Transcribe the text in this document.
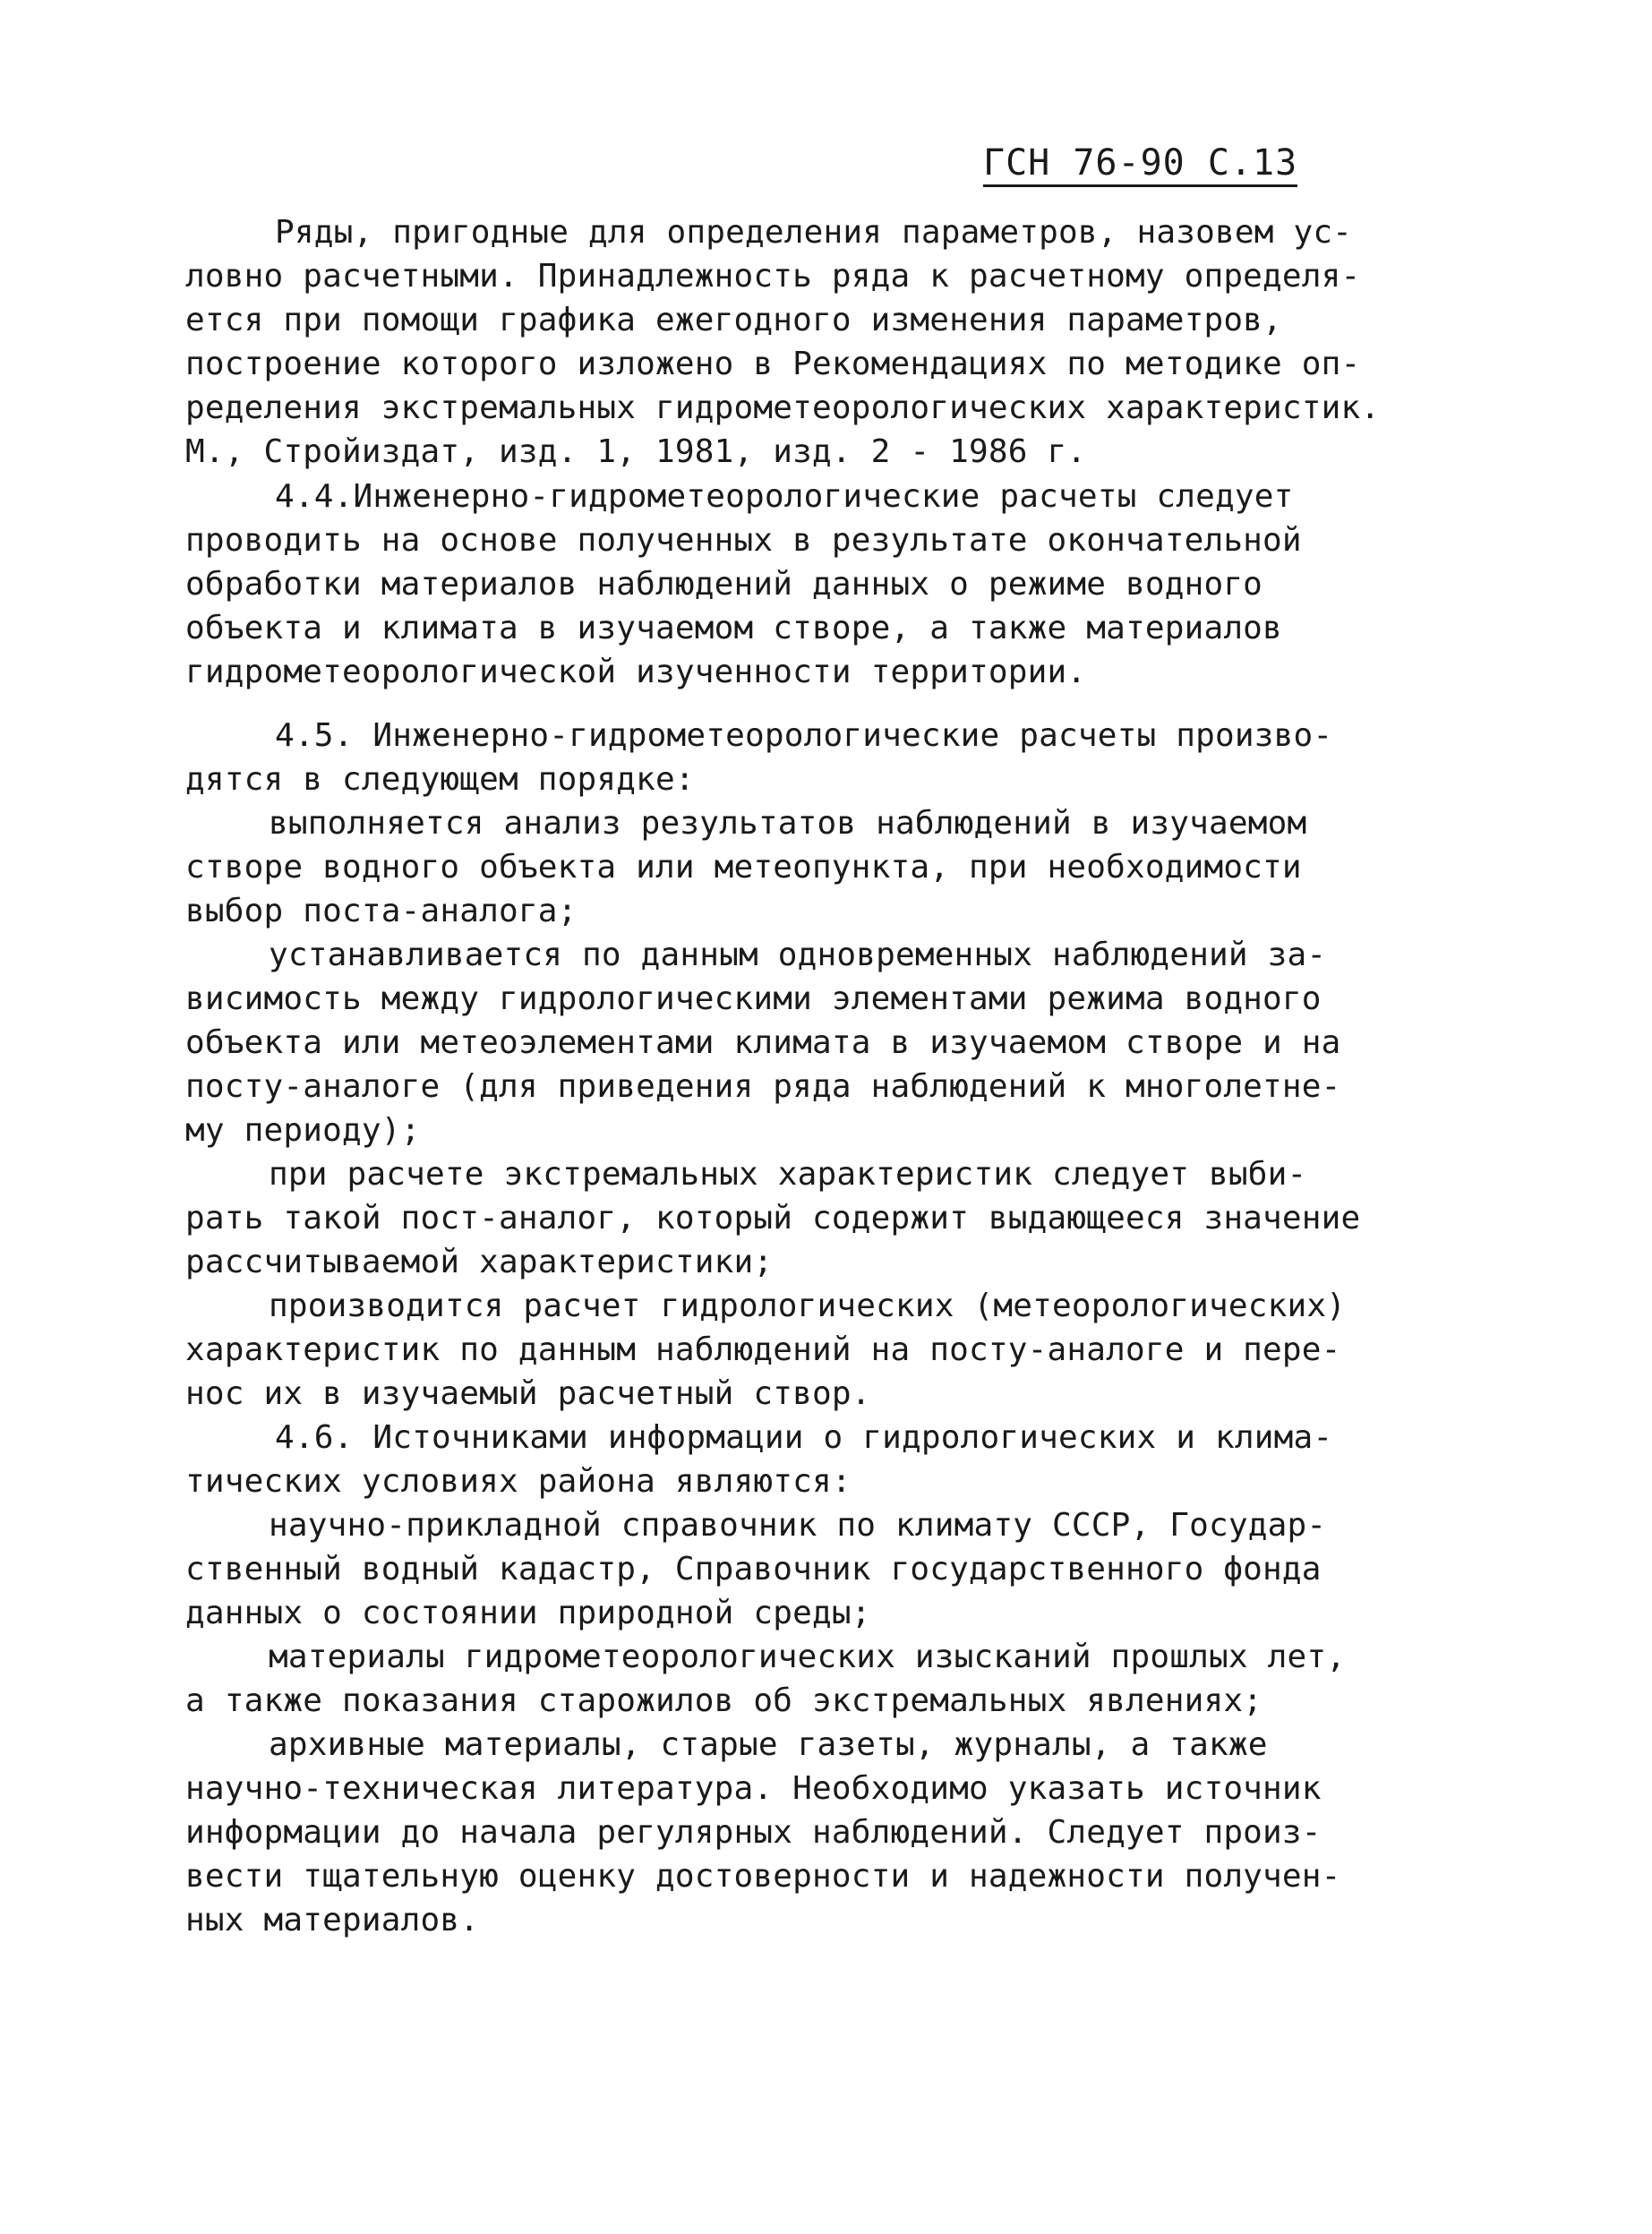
ГСН 76-90 С.13
Ряды, пригодные для определения параметров, назовем ус-
ловно расчетными. Принадлежность ряда к расчетному определя-
ется при помощи графика ежегодного изменения параметров,
построение которого изложено в Рекомендациях по методике оп-
ределения экстремальных гидрометеорологических характеристик.
М., Стройиздат, изд. 1, 1981, изд. 2 - 1986 г.
4.4.Инженерно-гидрометеорологические расчеты следует
проводить на основе полученных в результате окончательной
обработки материалов наблюдений данных о режиме водного
объекта и климата в изучаемом створе, а также материалов
гидрометеорологической изученности территории.
4.5. Инженерно-гидрометеорологические расчеты произво-
дятся в следующем порядке:
выполняется анализ результатов наблюдений в изучаемом
створе водного объекта или метеопункта, при необходимости
выбор поста-аналога;
устанавливается по данным одновременных наблюдений за-
висимость между гидрологическими элементами режима водного
объекта или метеоэлементами климата в изучаемом створе и на
посту-аналоге (для приведения ряда наблюдений к многолетне-
му периоду);
при расчете экстремальных характеристик следует выби-
рать такой пост-аналог, который содержит выдающееся значение
рассчитываемой характеристики;
производится расчет гидрологических (метеорологических)
характеристик по данным наблюдений на посту-аналоге и пере-
нос их в изучаемый расчетный створ.
4.6. Источниками информации о гидрологических и клима-
тических условиях района являются:
научно-прикладной справочник по климату СССР, Государ-
ственный водный кадастр, Справочник государственного фонда
данных о состоянии природной среды;
материалы гидрометеорологических изысканий прошлых лет,
а также показания старожилов об экстремальных явлениях;
архивные материалы, старые газеты, журналы, а также
научно-техническая литература. Необходимо указать источник
информации до начала регулярных наблюдений. Следует произ-
вести тщательную оценку достоверности и надежности получен-
ных материалов.
